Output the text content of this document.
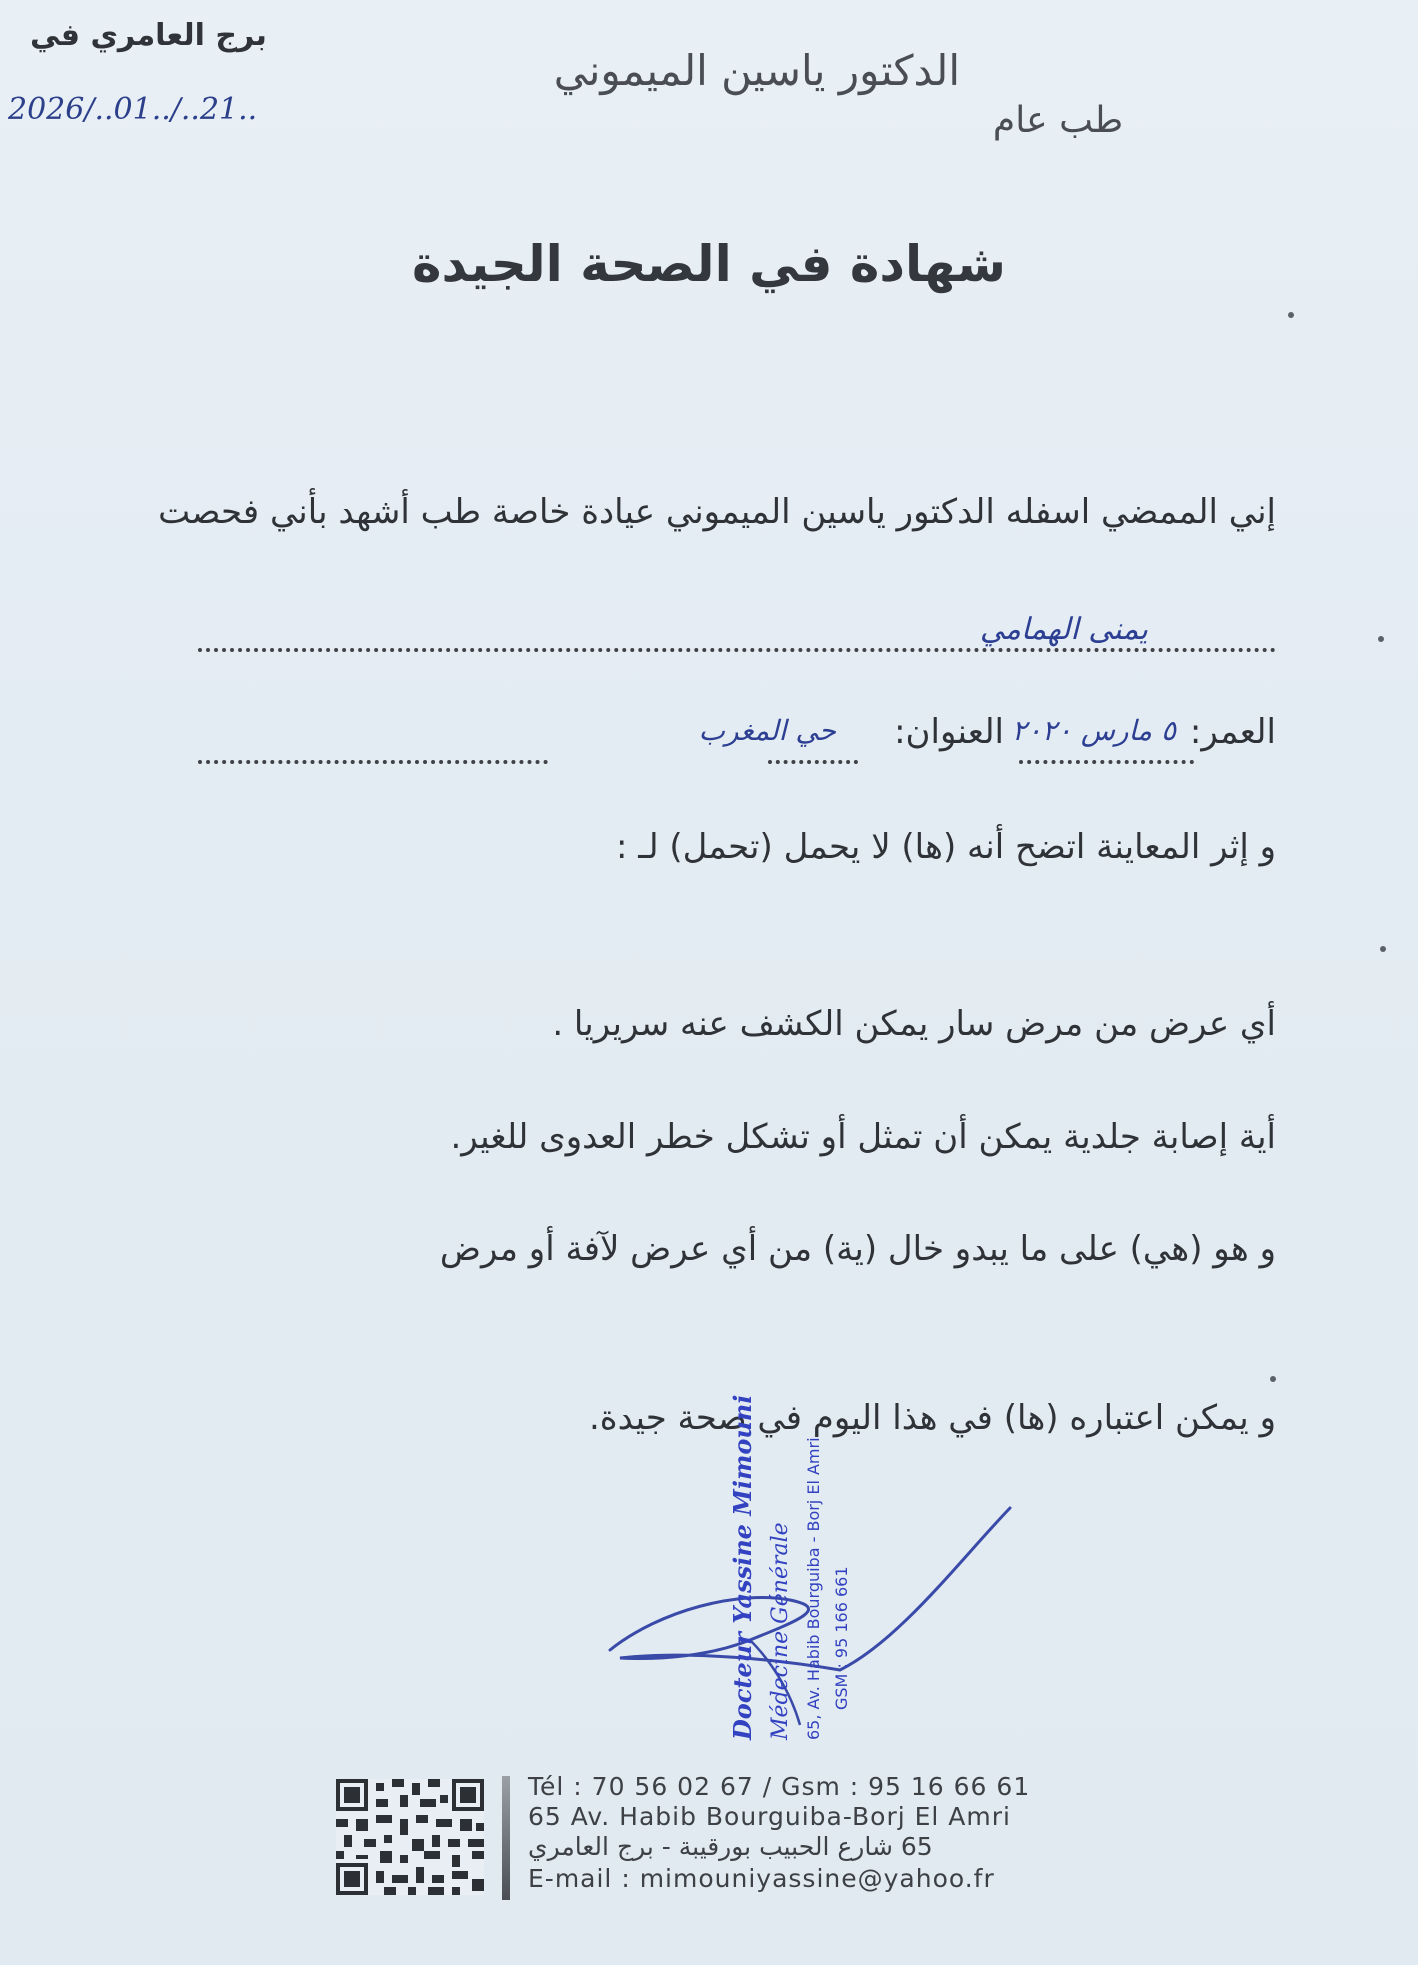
الدكتور ياسين الميموني
طب عام
برج العامري في
2026/..01../..21..
شهادة في الصحة الجيدة
إني الممضي اسفله الدكتور ياسين الميموني عيادة خاصة طب أشهد بأني فحصت
يمنى الهمامي
العمر:
٥ مارس ٢٠٢٠
العنوان:
حي المغرب
و إثر المعاينة اتضح أنه (ها) لا يحمل (تحمل) لـ :
أي عرض من مرض سار يمكن الكشف عنه سريريا .
أية إصابة جلدية يمكن أن تمثل أو تشكل خطر العدوى للغير.
و هو (هي) على ما يبدو خال (ية) من أي عرض لآفة أو مرض
و يمكن اعتباره (ها) في هذا اليوم في صحة جيدة.
Docteur Yassine Mimouni Médecine Générale 65, Av. Habib Bourguiba - Borj El Amri GSM : 95 166 661
Tél : 70 56 02 67 / Gsm : 95 16 66 61
65 Av. Habib Bourguiba-Borj El Amri
65 شارع الحبيب بورقيبة - برج العامري
E-mail : mimouniyassine@yahoo.fr
